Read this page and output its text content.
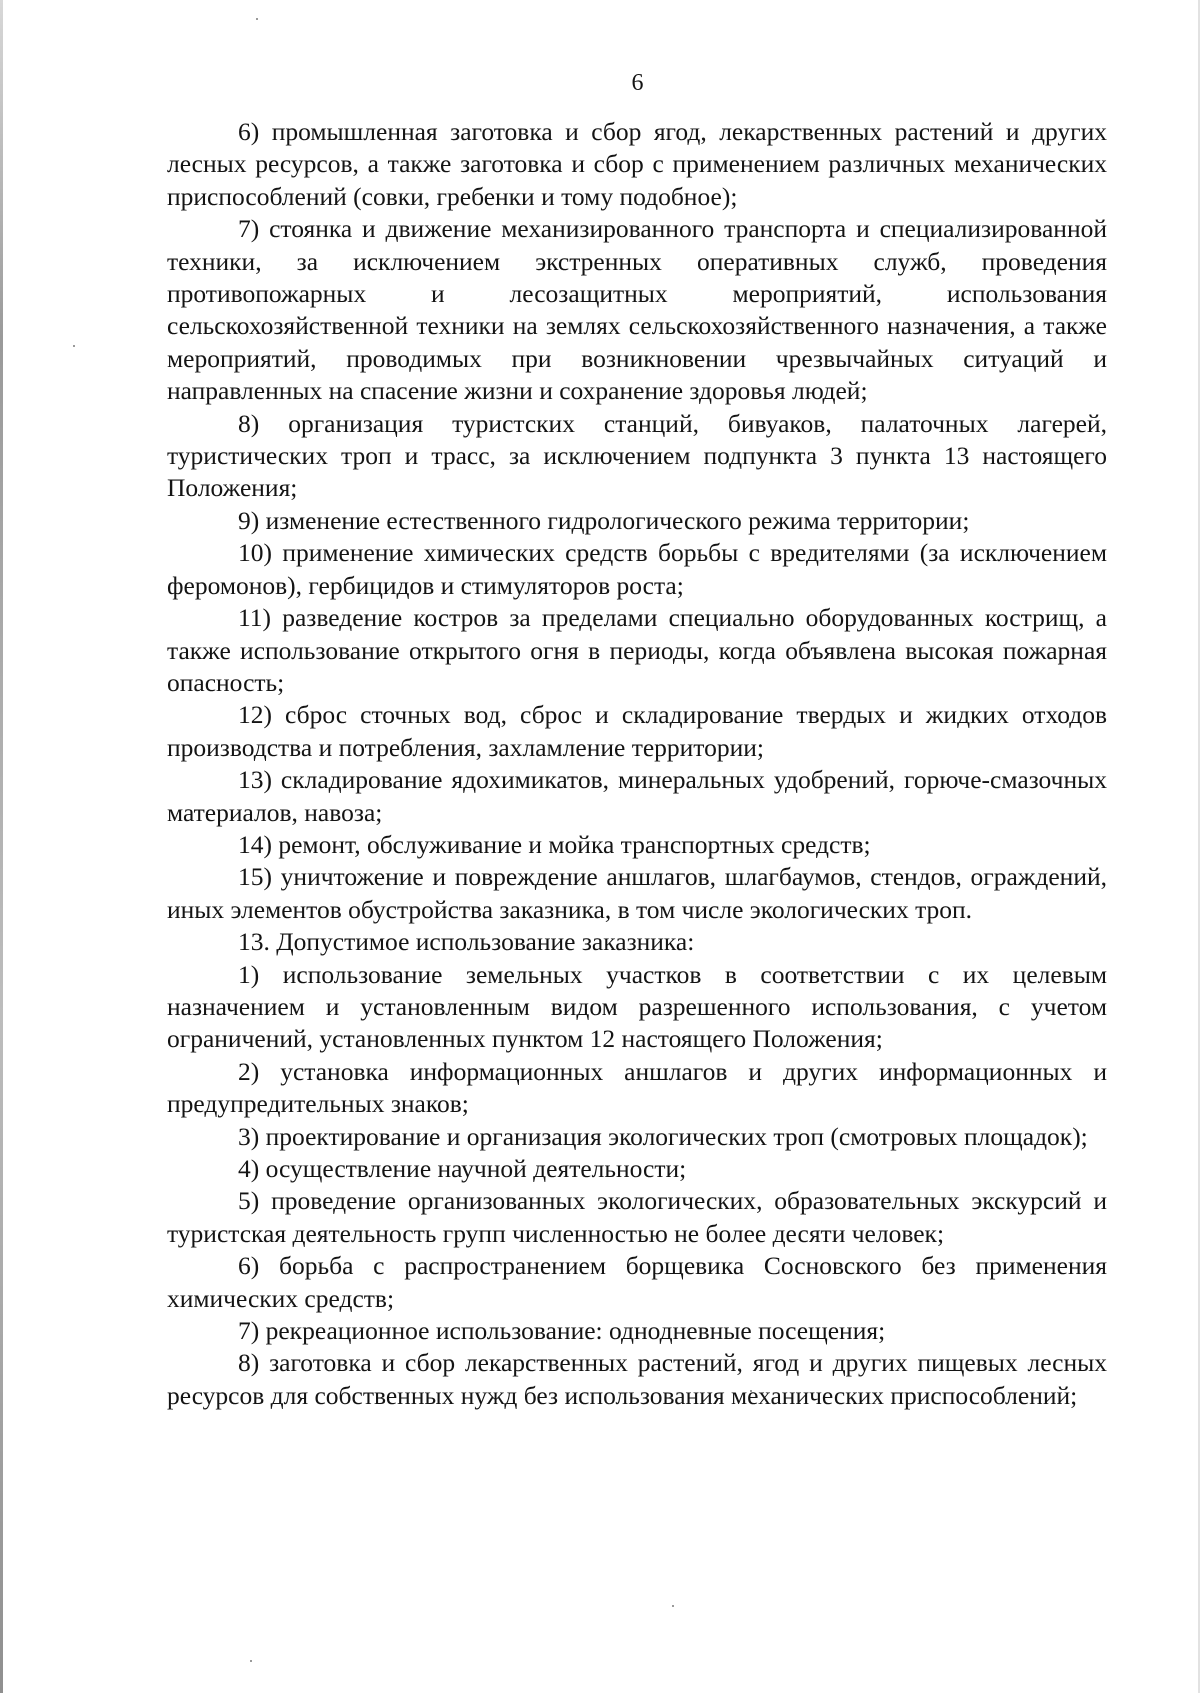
6

6) промышленная заготовка и сбор ягод, лекарственных растений и других лесных ресурсов, а также заготовка и сбор с применением различных механических приспособлений (совки, гребенки и тому подобное);

7) стоянка и движение механизированного транспорта и специализированной техники, за исключением экстренных оперативных служб, проведения противопожарных и лесозащитных мероприятий, использования сельскохозяйственной техники на землях сельскохозяйственного назначения, а также мероприятий, проводимых при возникновении чрезвычайных ситуаций и направленных на спасение жизни и сохранение здоровья людей;

8) организация туристских станций, бивуаков, палаточных лагерей, туристических троп и трасс, за исключением подпункта 3 пункта 13 настоящего Положения;

9) изменение естественного гидрологического режима территории;

10) применение химических средств борьбы с вредителями (за исключением феромонов), гербицидов и стимуляторов роста;

11) разведение костров за пределами специально оборудованных кострищ, а также использование открытого огня в периоды, когда объявлена высокая пожарная опасность;

12) сброс сточных вод, сброс и складирование твердых и жидких отходов производства и потребления, захламление территории;

13) складирование ядохимикатов, минеральных удобрений, горюче-смазочных материалов, навоза;

14) ремонт, обслуживание и мойка транспортных средств;

15) уничтожение и повреждение аншлагов, шлагбаумов, стендов, ограждений, иных элементов обустройства заказника, в том числе экологических троп.

13. Допустимое использование заказника:

1) использование земельных участков в соответствии с их целевым назначением и установленным видом разрешенного использования, с учетом ограничений, установленных пунктом 12 настоящего Положения;

2) установка информационных аншлагов и других информационных и предупредительных знаков;

3) проектирование и организация экологических троп (смотровых площадок);

4) осуществление научной деятельности;

5) проведение организованных экологических, образовательных экскурсий и туристская деятельность групп численностью не более десяти человек;

6) борьба с распространением борщевика Сосновского без применения химических средств;

7) рекреационное использование: однодневные посещения;

8) заготовка и сбор лекарственных растений, ягод и других пищевых лесных ресурсов для собственных нужд без использования механических приспособлений;
